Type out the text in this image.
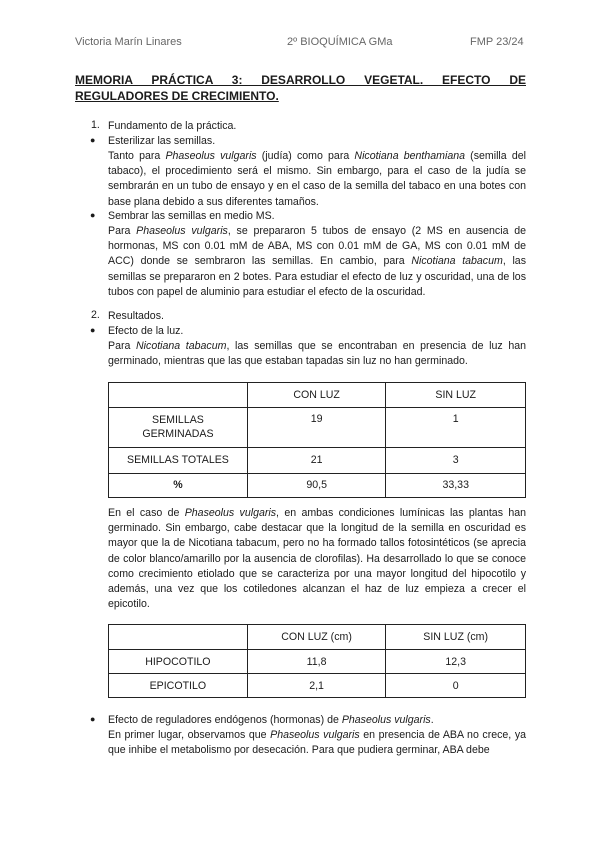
Victoria Marín Linares	2º BIOQUÍMICA GMa	FMP 23/24

MEMORIA PRÁCTICA 3: DESARROLLO VEGETAL. EFECTO DE

REGULADORES DE CRECIMIENTO.

1. Fundamento de la práctica.

● Esterilizar las semillas.

Tanto para Phaseolus vulgaris (judía) como para Nicotiana benthamiana (semilla del tabaco), el procedimiento será el mismo. Sin embargo, para el caso de la judía se sembrarán en un tubo de ensayo y en el caso de la semilla del tabaco en una botes con base plana debido a sus diferentes tamaños.

● Sembrar las semillas en medio MS.

Para Phaseolus vulgaris, se prepararon 5 tubos de ensayo (2 MS en ausencia de hormonas, MS con 0.01 mM de ABA, MS con 0.01 mM de GA, MS con 0.01 mM de ACC) donde se sembraron las semillas. En cambio, para Nicotiana tabacum, las semillas se prepararon en 2 botes. Para estudiar el efecto de luz y oscuridad, una de los tubos con papel de aluminio para estudiar el efecto de la oscuridad.

2. Resultados.

● Efecto de la luz.

Para Nicotiana tabacum, las semillas que se encontraban en presencia de luz han germinado, mientras que las que estaban tapadas sin luz no han germinado.

	CON LUZ	SIN LUZ
SEMILLAS GERMINADAS	19	1
SEMILLAS TOTALES	21	3
%	90,5	33,33

En el caso de Phaseolus vulgaris, en ambas condiciones lumínicas las plantas han germinado. Sin embargo, cabe destacar que la longitud de la semilla en oscuridad es mayor que la de Nicotiana tabacum, pero no ha formado tallos fotosintéticos (se aprecia de color blanco/amarillo por la ausencia de clorofilas). Ha desarrollado lo que se conoce como crecimiento etiolado que se caracteriza por una mayor longitud del hipocotilo y además, una vez que los cotiledones alcanzan el haz de luz empieza a crecer el epicotilo.

	CON LUZ (cm)	SIN LUZ (cm)
HIPOCOTILO	11,8	12,3
EPICOTILO	2,1	0
● Efecto de reguladores endógenos (hormonas) de Phaseolus vulgaris.

En primer lugar, observamos que Phaseolus vulgaris en presencia de ABA no crece, ya que inhibe el metabolismo por desecación. Para que pudiera germinar, ABA debe
